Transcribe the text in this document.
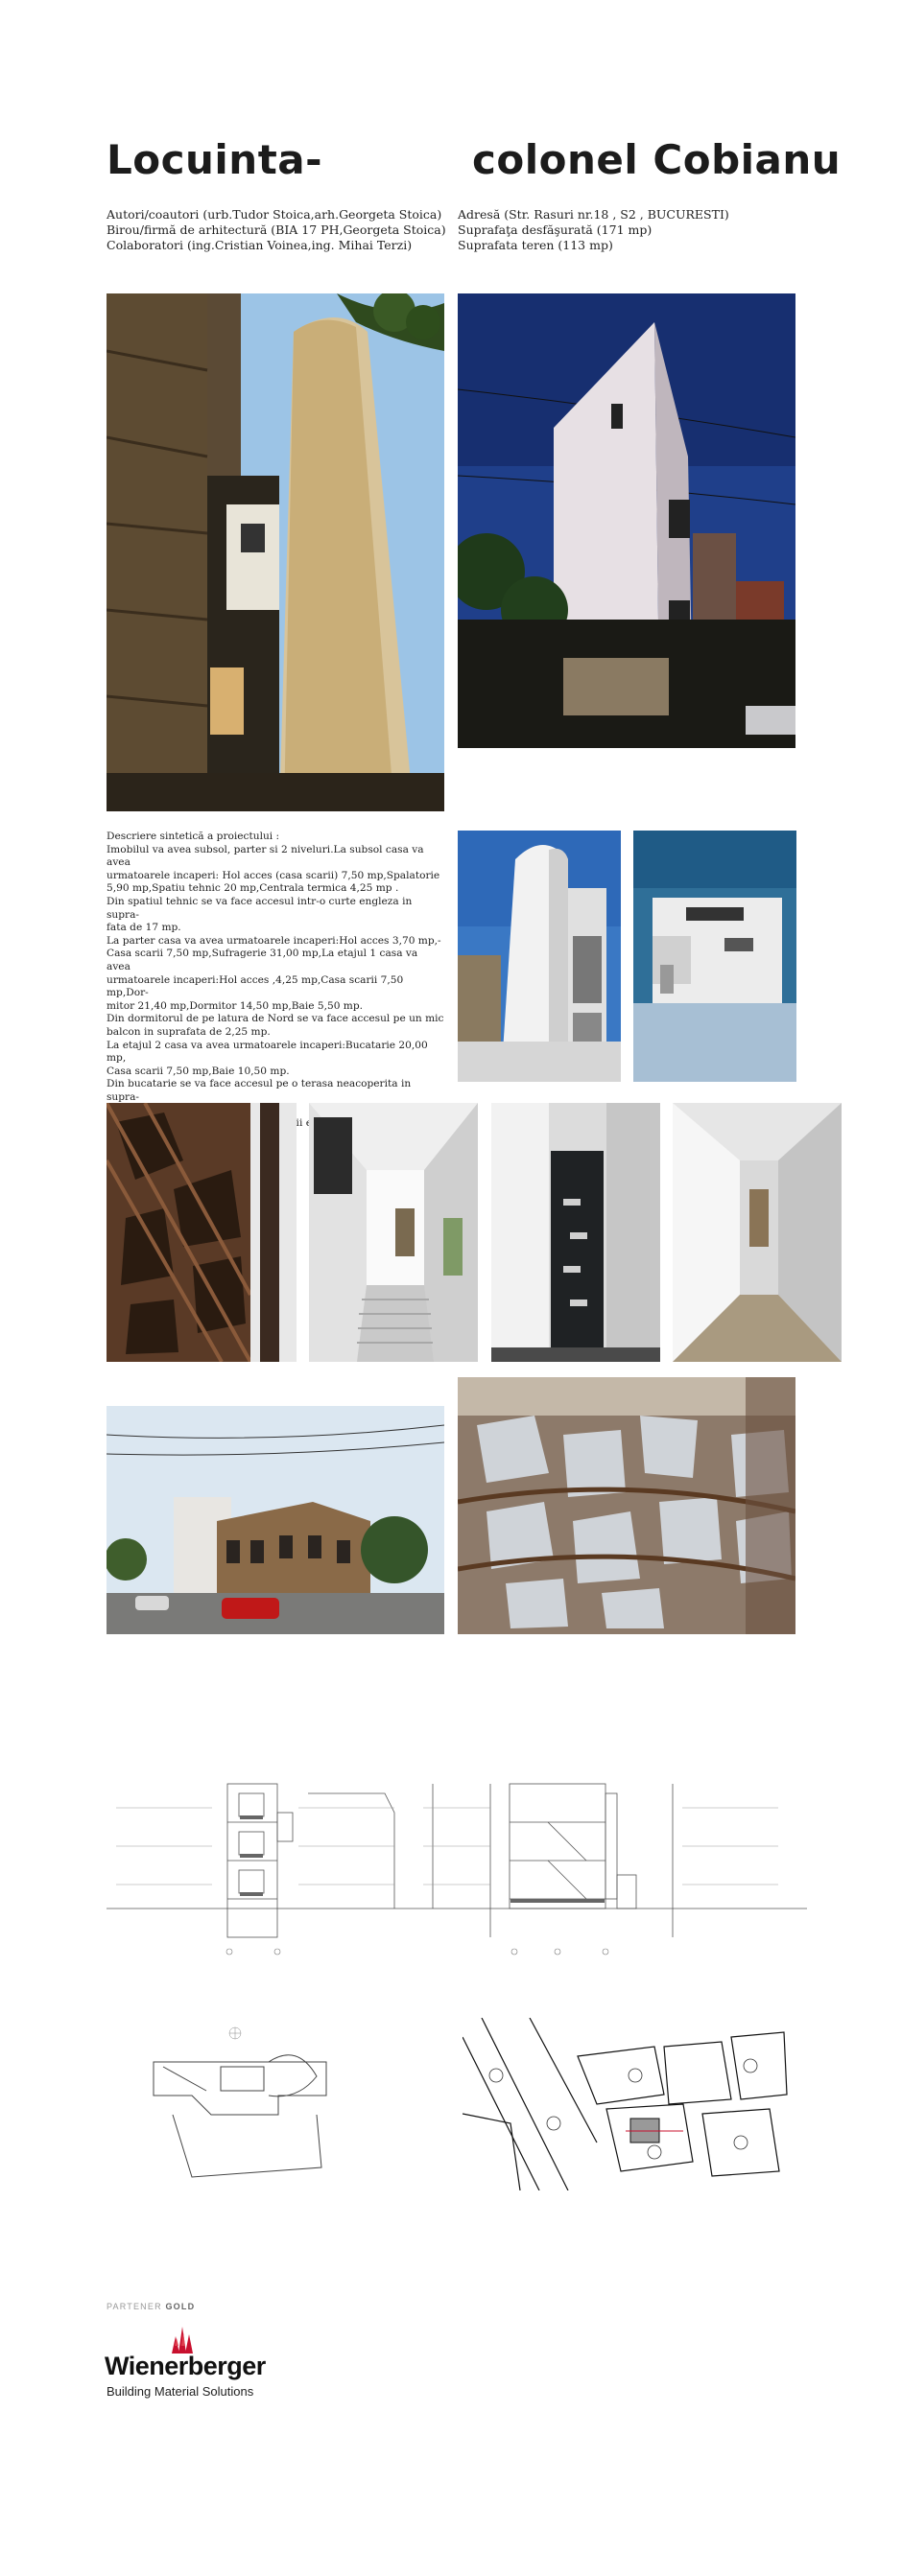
Locuinta-	colonel Cobianu
Autori/coautori (urb.Tudor Stoica,arh.Georgeta Stoica)
Birou/firmă de arhitectură (BIA 17 PH,Georgeta Stoica)
Colaboratori (ing.Cristian Voinea,ing. Mihai Terzi)
Adresă (Str. Rasuri nr.18 , S2 , BUCURESTI)
Suprafaţa desfăşurată (171 mp)
Suprafata teren (113 mp)
Descriere sintetică a proiectului :
Imobilul va avea subsol, parter si 2 niveluri.La subsol casa va avea
urmatoarele incaperi: Hol acces (casa scarii) 7,50 mp,Spalatorie
5,90 mp,Spatiu tehnic 20 mp,Centrala termica 4,25 mp .
Din spatiul tehnic se va face accesul intr-o curte engleza in supra-
fata de 17 mp.
La parter casa va avea urmatoarele incaperi:Hol acces 3,70 mp,-
Casa scarii 7,50 mp,Sufragerie 31,00 mp,La etajul 1 casa va avea
urmatoarele incaperi:Hol acces ,4,25 mp,Casa scarii 7,50 mp,Dor-
mitor 21,40 mp,Dormitor 14,50 mp,Baie 5,50 mp.
Din dormitorul de pe latura de Nord se va face accesul pe un mic
balcon in suprafata de 2,25 mp.
La etajul 2 casa va avea urmatoarele incaperi:Bucatarie 20,00 mp,
Casa scarii 7,50 mp,Baie 10,50 mp.
Din bucatarie se va face accesul pe o terasa neacoperita in supra-
PARTENER GOLD
Wienerberger
Building Material Solutions
